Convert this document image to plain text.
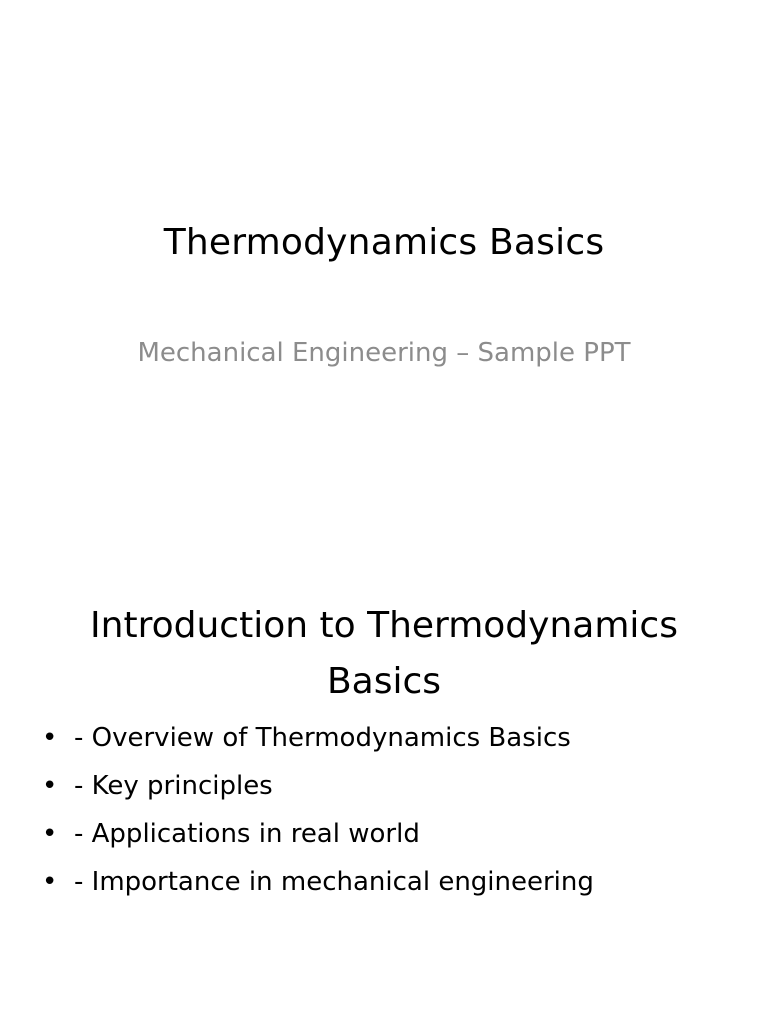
Thermodynamics Basics
Mechanical Engineering – Sample PPT
Introduction to Thermodynamics Basics
• - Overview of Thermodynamics Basics
• - Key principles
• - Applications in real world
• - Importance in mechanical engineering
